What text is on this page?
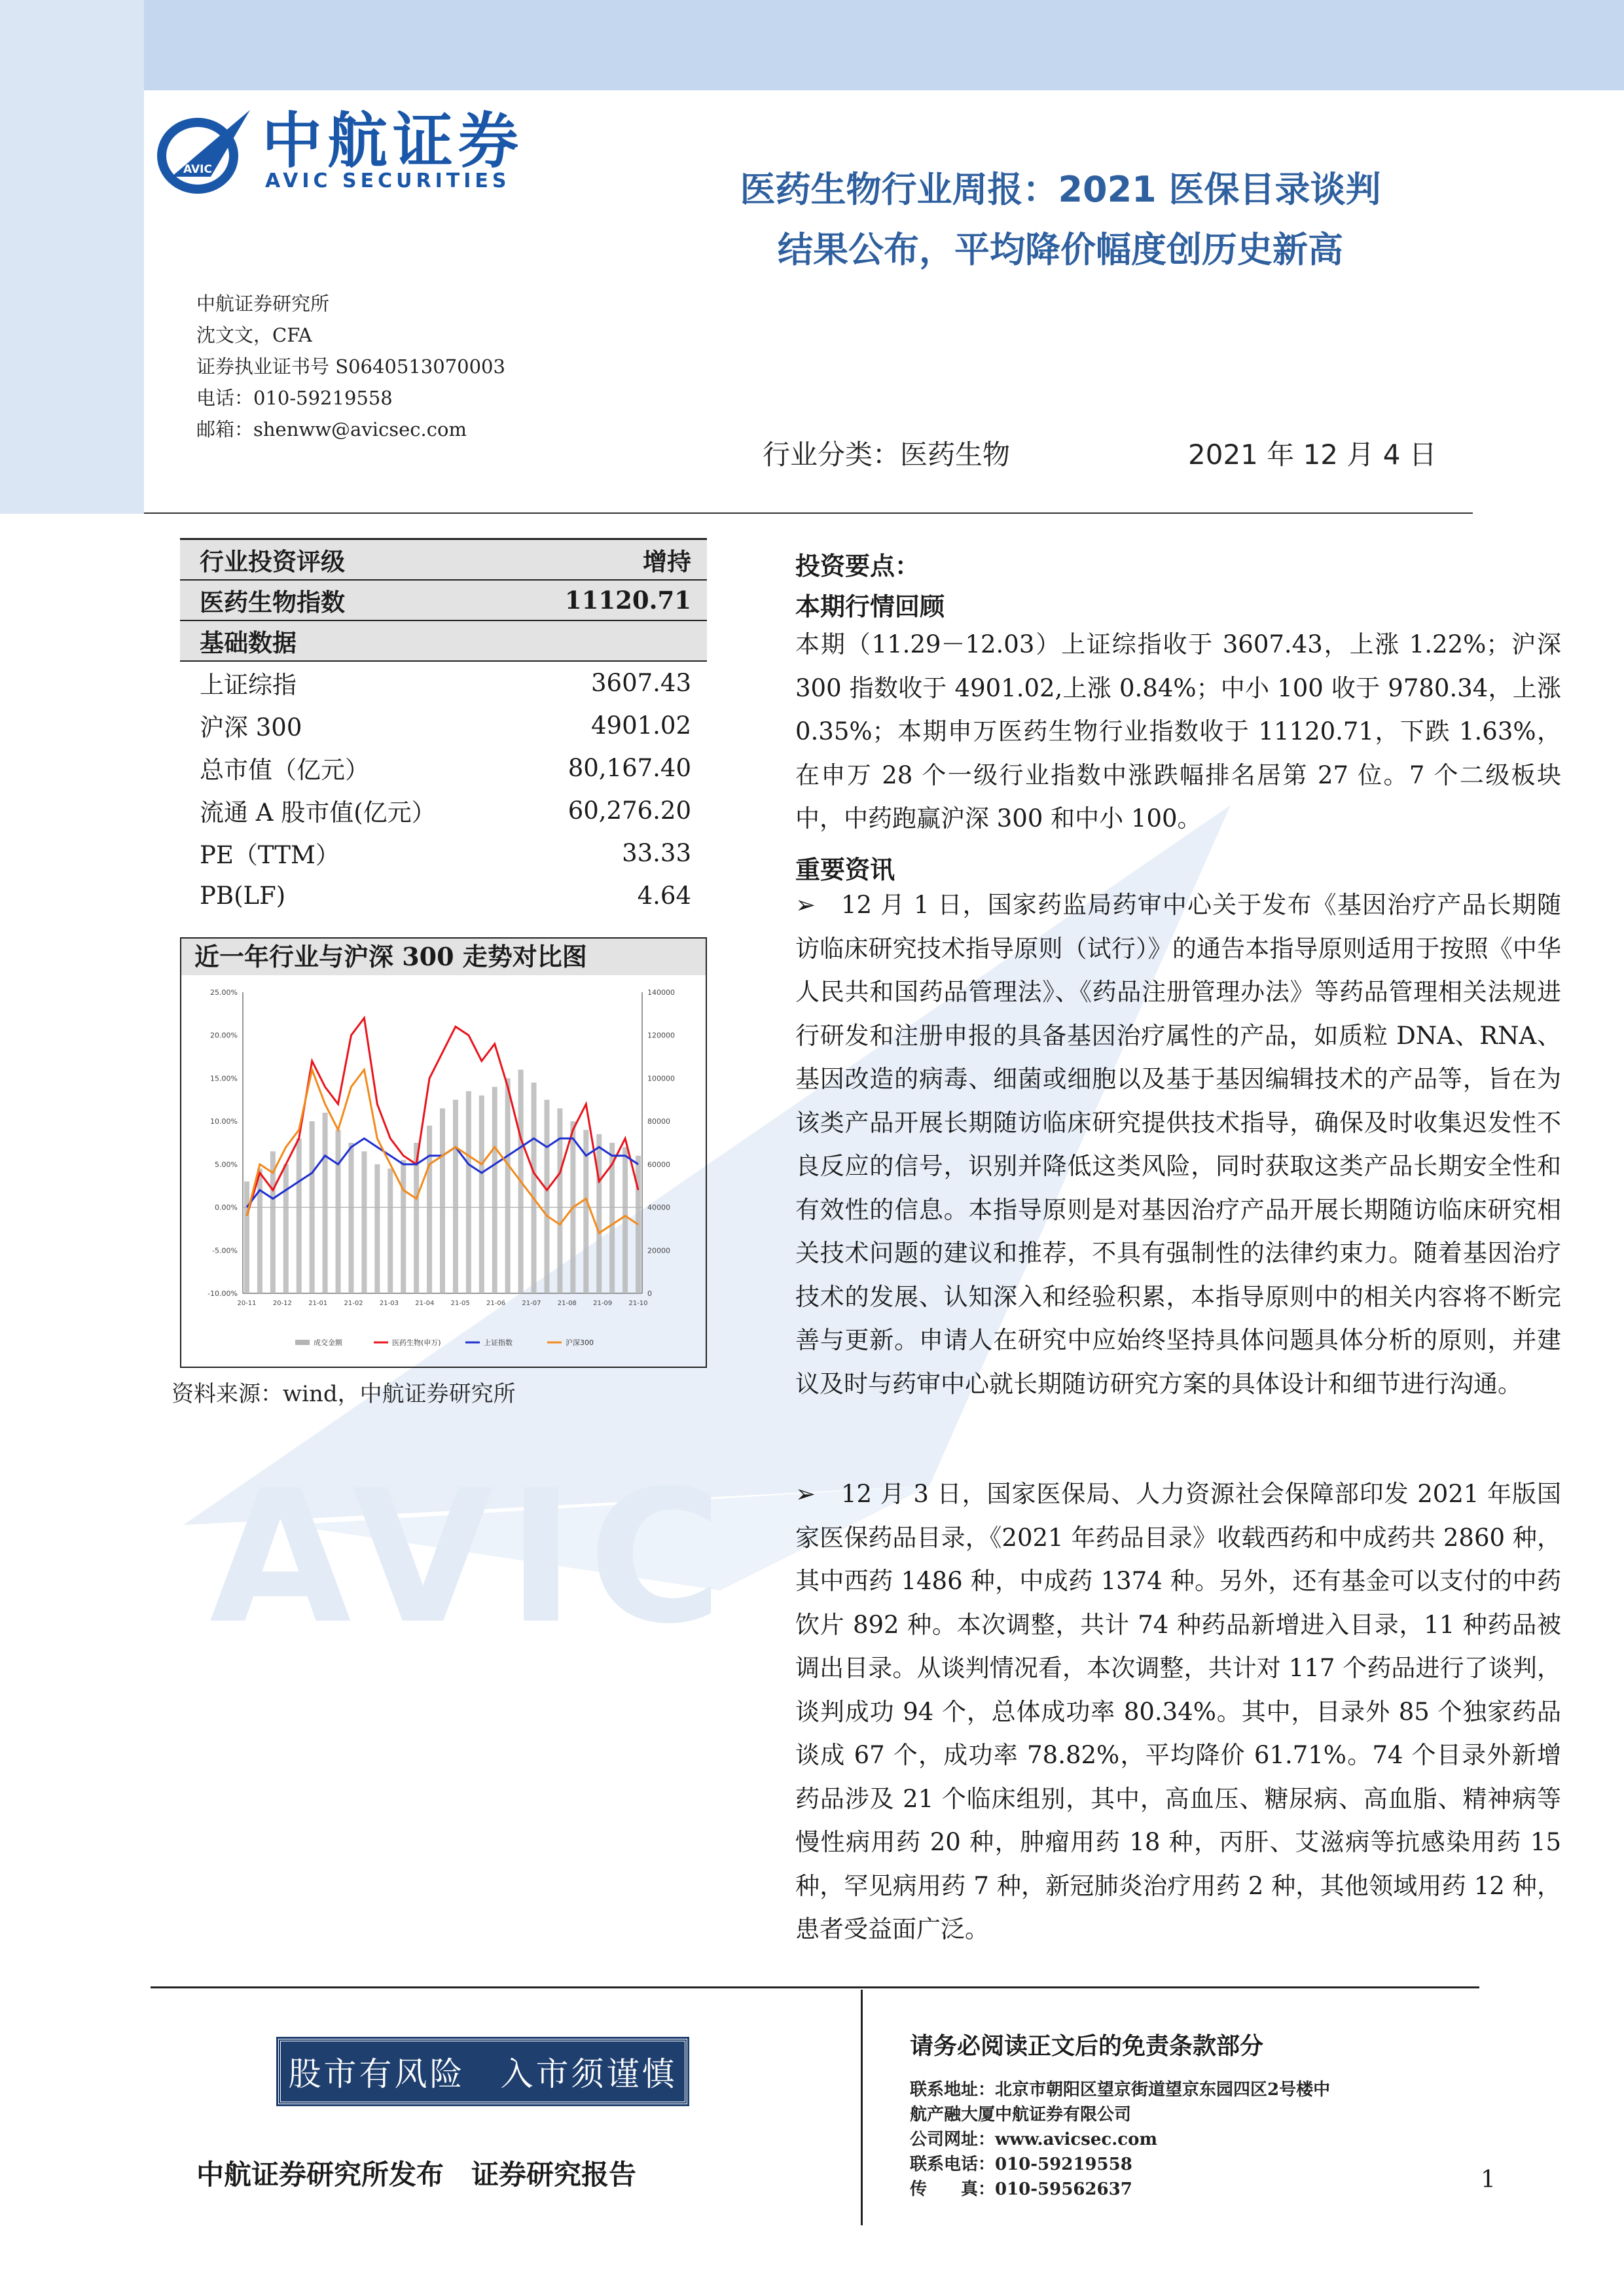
AVIC
AVIC 中航证券
AVIC SECURITIES	医药生物行业周报：2021 医保目录谈判
结果公布，平均降价幅度创历史新高
中航证券研究所
沈文文，CFA
证券执业证书号 S0640513070003
电话：010-59219558
邮箱：shenww@avicsec.com
行业分类：医药生物	2021 年 12 月 4 日
行业投资评级	增持
医药生物指数	11120.71
基础数据
上证综指	3607.43
沪深 300	4901.02
总市值（亿元）	80,167.40
流通 A 股市值(亿元）	60,276.20
PE（TTM）	33.33
PB(LF)	4.64
近一年行业与沪深 300 走势对比图
25.00%
20.00%
15.00%
10.00%
5.00%
0.00%
-5.00%
-10.00%
140000
120000
100000
80000
60000
40000
20000
0
20-11	20-12	21-01	21-02	21-03	21-04	21-05	21-06	21-07	21-08	21-09	21-10
成交金额	医药生物(申万)	上证指数	沪深300
资料来源：wind，中航证券研究所
投资要点：
本期行情回顾
本期（11.29－12.03）上证综指收于 3607.43，上涨 1.22%；沪深 300 指数收于 4901.02,上涨 0.84%；中小 100 收于 9780.34，上涨 0.35%；本期申万医药生物行业指数收于 11120.71，下跌 1.63%，在申万 28 个一级行业指数中涨跌幅排名居第 27 位。7 个二级板块中，中药跑赢沪深 300 和中小 100。
重要资讯
➢ 12 月 1 日，国家药监局药审中心关于发布《基因治疗产品长期随访临床研究技术指导原则（试行）》的通告本指导原则适用于按照《中华人民共和国药品管理法》、《药品注册管理办法》等药品管理相关法规进行研发和注册申报的具备基因治疗属性的产品，如质粒 DNA、RNA、基因改造的病毒、细菌或细胞以及基于基因编辑技术的产品等，旨在为该类产品开展长期随访临床研究提供技术指导，确保及时收集迟发性不良反应的信号，识别并降低这类风险，同时获取这类产品长期安全性和有效性的信息。本指导原则是对基因治疗产品开展长期随访临床研究相关技术问题的建议和推荐，不具有强制性的法律约束力。随着基因治疗技术的发展、认知深入和经验积累，本指导原则中的相关内容将不断完善与更新。申请人在研究中应始终坚持具体问题具体分析的原则，并建议及时与药审中心就长期随访研究方案的具体设计和细节进行沟通。
➢ 12 月 3 日，国家医保局、人力资源社会保障部印发 2021 年版国家医保药品目录，《2021 年药品目录》收载西药和中成药共 2860 种，其中西药 1486 种，中成药 1374 种。另外，还有基金可以支付的中药饮片 892 种。本次调整，共计 74 种药品新增进入目录，11 种药品被调出目录。从谈判情况看，本次调整，共计对 117 个药品进行了谈判，谈判成功 94 个，总体成功率 80.34%。其中，目录外 85 个独家药品谈成 67 个，成功率 78.82%，平均降价 61.71%。74 个目录外新增药品涉及 21 个临床组别，其中，高血压、糖尿病、高血脂、精神病等慢性病用药 20 种，肿瘤用药 18 种，丙肝、艾滋病等抗感染用药 15 种，罕见病用药 7 种，新冠肺炎治疗用药 2 种，其他领域用药 12 种，患者受益面广泛。
股市有风险　入市须谨慎
中航证券研究所发布　证券研究报告
请务必阅读正文后的免责条款部分
联系地址：北京市朝阳区望京街道望京东园四区2号楼中
航产融大厦中航证券有限公司
公司网址：www.avicsec.com
联系电话：010-59219558
传　　真：010-59562637	1
